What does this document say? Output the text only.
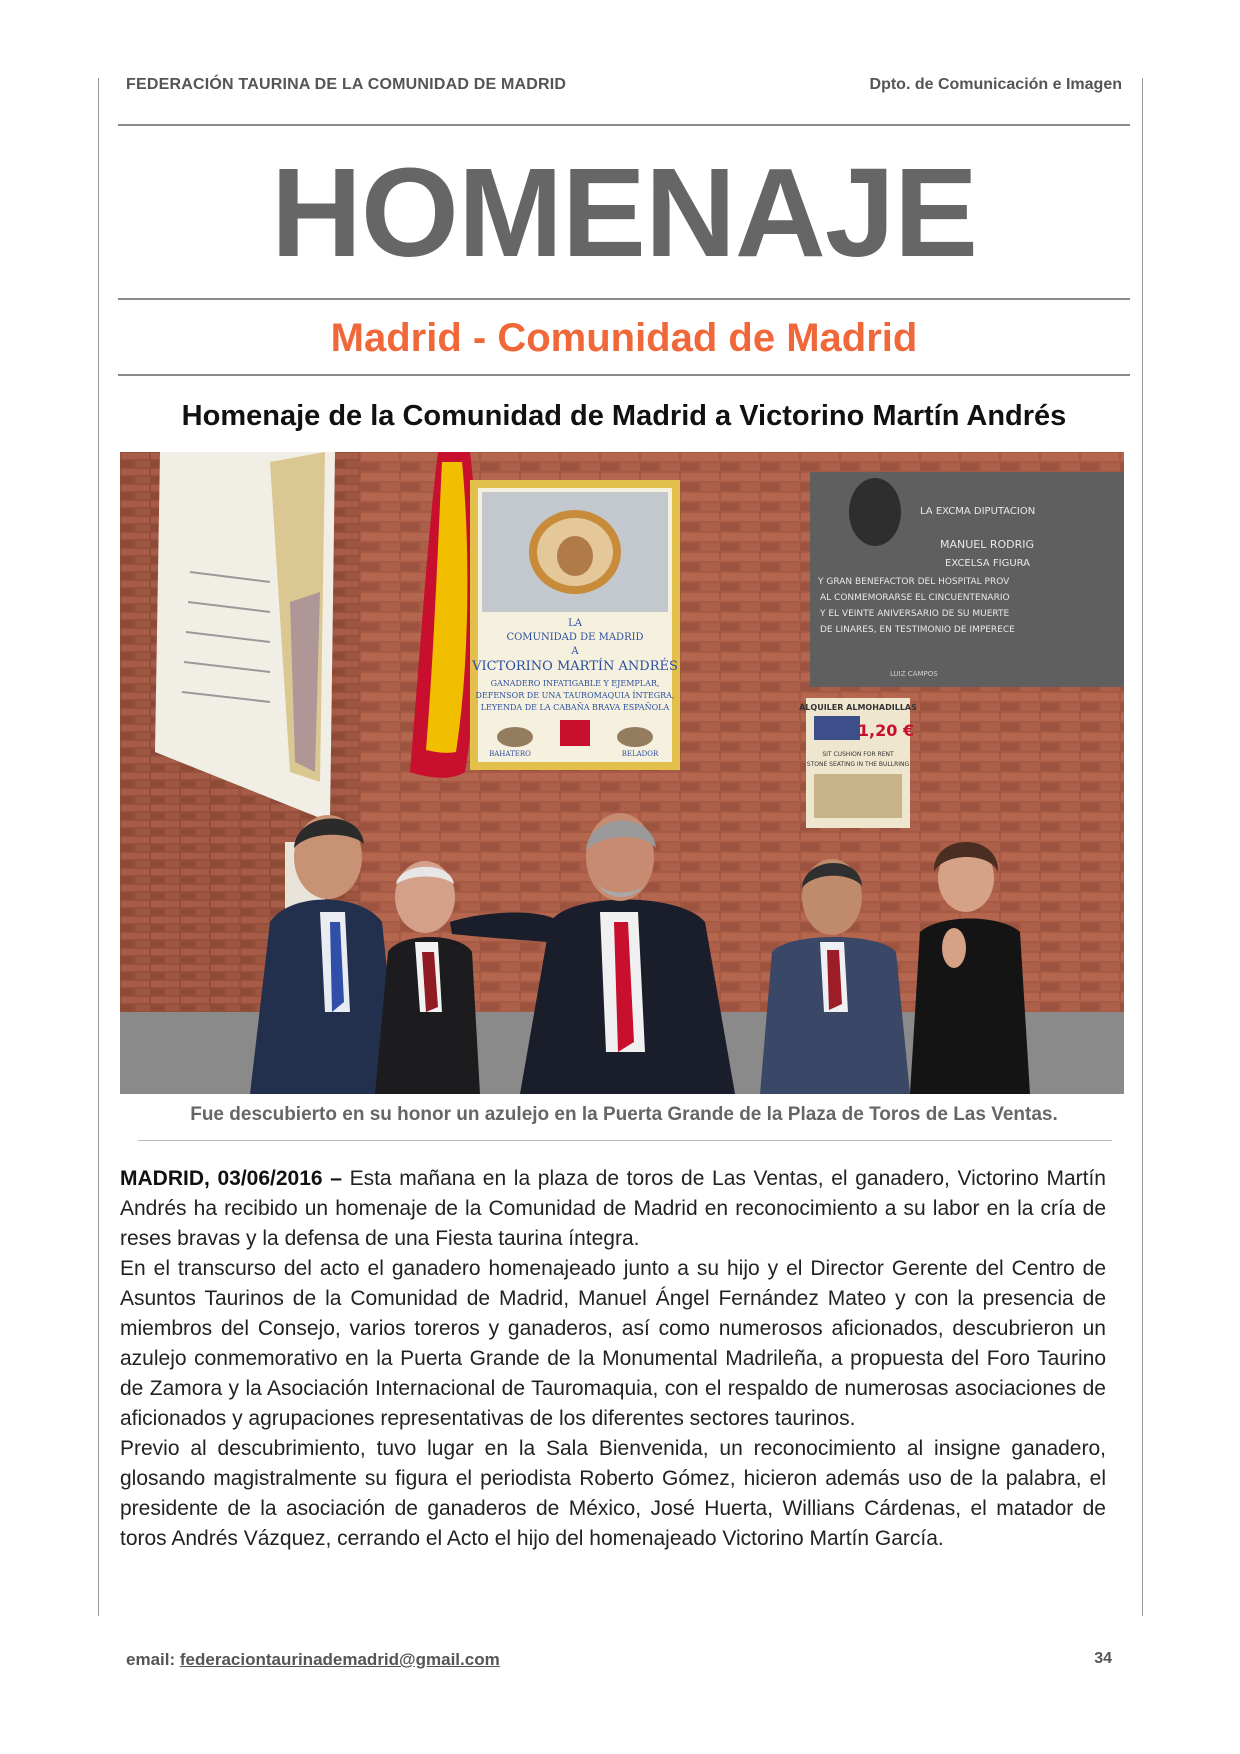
FEDERACIÓN TAURINA DE LA COMUNIDAD DE MADRID	Dpto. de Comunicación e Imagen
HOMENAJE
Madrid - Comunidad de Madrid
Homenaje de la Comunidad de Madrid a Victorino Martín Andrés
LA
COMUNIDAD DE MADRID
A
VICTORINO MARTÍN ANDRÉS
GANADERO INFATIGABLE Y EJEMPLAR,
DEFENSOR DE UNA TAUROMAQUIA ÍNTEGRA,
LEYENDA DE LA CABAÑA BRAVA ESPAÑOLA
BAHATERO	BELADOR
LA EXCMA DIPUTACION
MANUEL RODRIG
EXCELSA FIGURA
Y GRAN BENEFACTOR DEL HOSPITAL PROV
AL CONMEMORARSE EL CINCUENTENARIO
Y EL VEINTE ANIVERSARIO DE SU MUERTE
DE LINARES, EN TESTIMONIO DE IMPERECE
LUIZ CAMPOS
ALQUILER ALMOHADILLAS
1,20 €
SIT CUSHION FOR RENT
STONE SEATING IN THE BULLRING
Fue descubierto en su honor un azulejo en la Puerta Grande de la Plaza de Toros de Las Ventas.

MADRID, 03/06/2016 – Esta mañana en la plaza de toros de Las Ventas, el ganadero, Victorino Martín Andrés ha recibido un homenaje de la Comunidad de Madrid en reconocimiento a su labor en la cría de reses bravas y la defensa de una Fiesta taurina íntegra.

En el transcurso del acto el ganadero homenajeado junto a su hijo y el Director Gerente del Centro de Asuntos Taurinos de la Comunidad de Madrid, Manuel Ángel Fernández Mateo y con la presencia de miembros del Consejo, varios toreros y ganaderos, así como numerosos aficionados, descubrieron un azulejo conmemorativo en la Puerta Grande de la Monumental Madrileña, a propuesta del Foro Taurino de Zamora y la Asociación Internacional de Tauromaquia, con el respaldo de numerosas asociaciones de aficionados y agrupaciones representativas de los diferentes sectores taurinos.

Previo al descubrimiento, tuvo lugar en la Sala Bienvenida, un reconocimiento al insigne ganadero, glosando magistralmente su figura el periodista Roberto Gómez, hicieron además uso de la palabra, el presidente de la asociación de ganaderos de México, José Huerta, Willians Cárdenas, el matador de toros Andrés Vázquez, cerrando el Acto el hijo del homenajeado Victorino Martín García.

email: federaciontaurinademadrid@gmail.com	34
